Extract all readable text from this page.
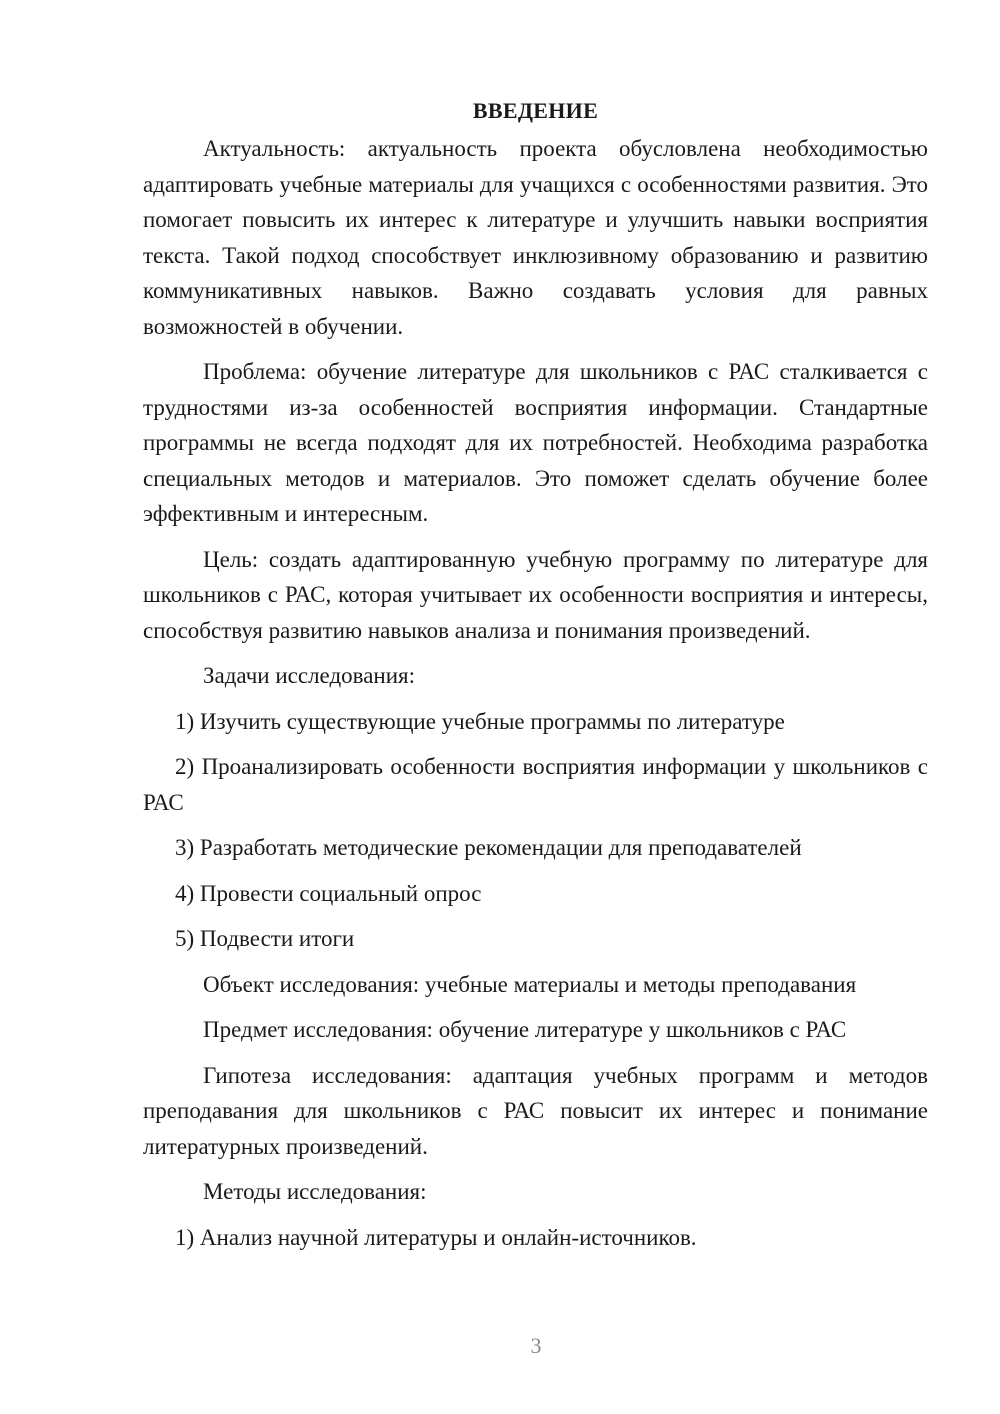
ВВЕДЕНИЕ

Актуальность: актуальность проекта обусловлена необходимостью адаптировать учебные материалы для учащихся с особенностями развития. Это помогает повысить их интерес к литературе и улучшить навыки восприятия текста. Такой подход способствует инклюзивному образованию и развитию коммуникативных навыков. Важно создавать условия для равных возможностей в обучении.

Проблема: обучение литературе для школьников с РАС сталкивается с трудностями из-за особенностей восприятия информации. Стандартные программы не всегда подходят для их потребностей. Необходима разработка специальных методов и материалов. Это поможет сделать обучение более эффективным и интересным.

Цель: создать адаптированную учебную программу по литературе для школьников с РАС, которая учитывает их особенности восприятия и интересы, способствуя развитию навыков анализа и понимания произведений.

Задачи исследования:

1) Изучить существующие учебные программы по литературе

2) Проанализировать особенности восприятия информации у школьников с РАС

3) Разработать методические рекомендации для преподавателей

4) Провести социальный опрос

5) Подвести итоги

Объект исследования: учебные материалы и методы преподавания

Предмет исследования: обучение литературе у школьников с РАС

Гипотеза исследования: адаптация учебных программ и методов преподавания для школьников с РАС повысит их интерес и понимание литературных произведений.

Методы исследования:

1) Анализ научной литературы и онлайн-источников.

3
